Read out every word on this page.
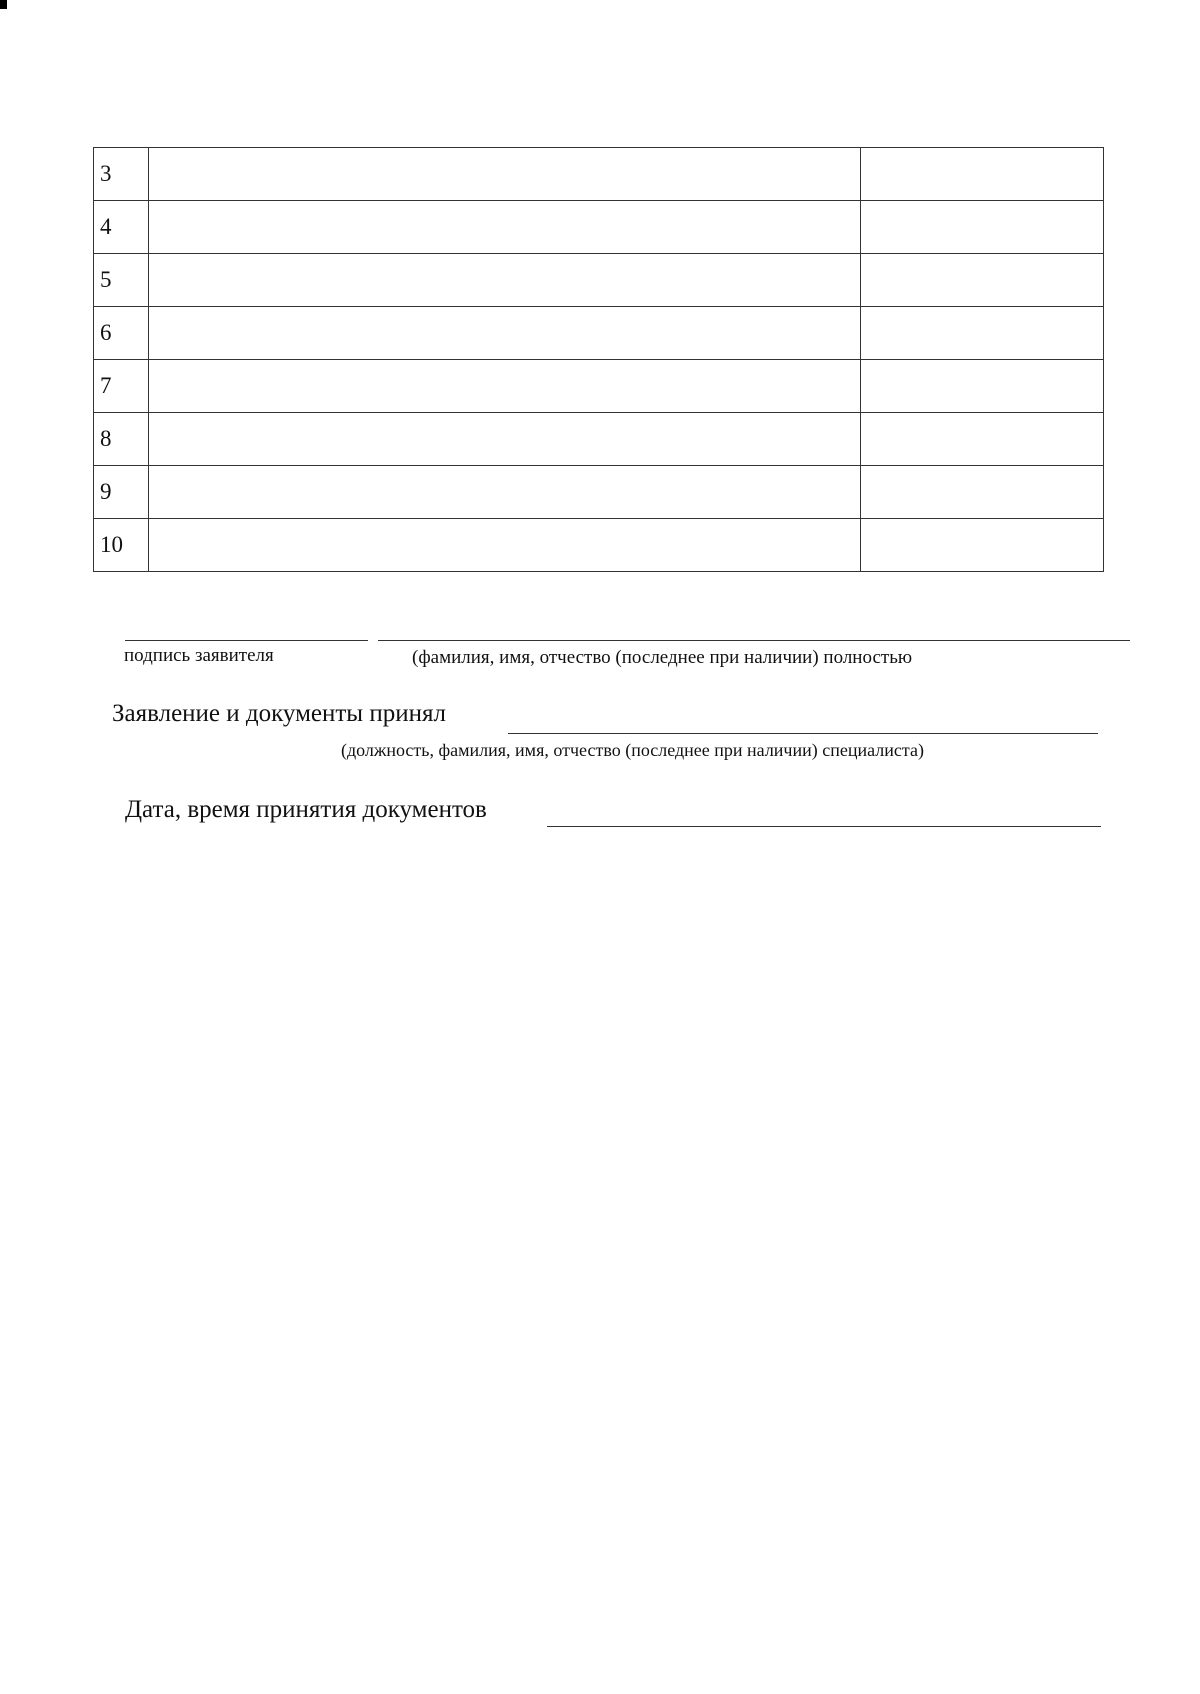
3		
4		
5		
6		
7		
8		
9		
10		
подпись заявителя	(фамилия, имя, отчество (последнее при наличии) полностью
Заявление и документы принял
(должность, фамилия, имя, отчество (последнее при наличии) специалиста)
Дата, время принятия документов
